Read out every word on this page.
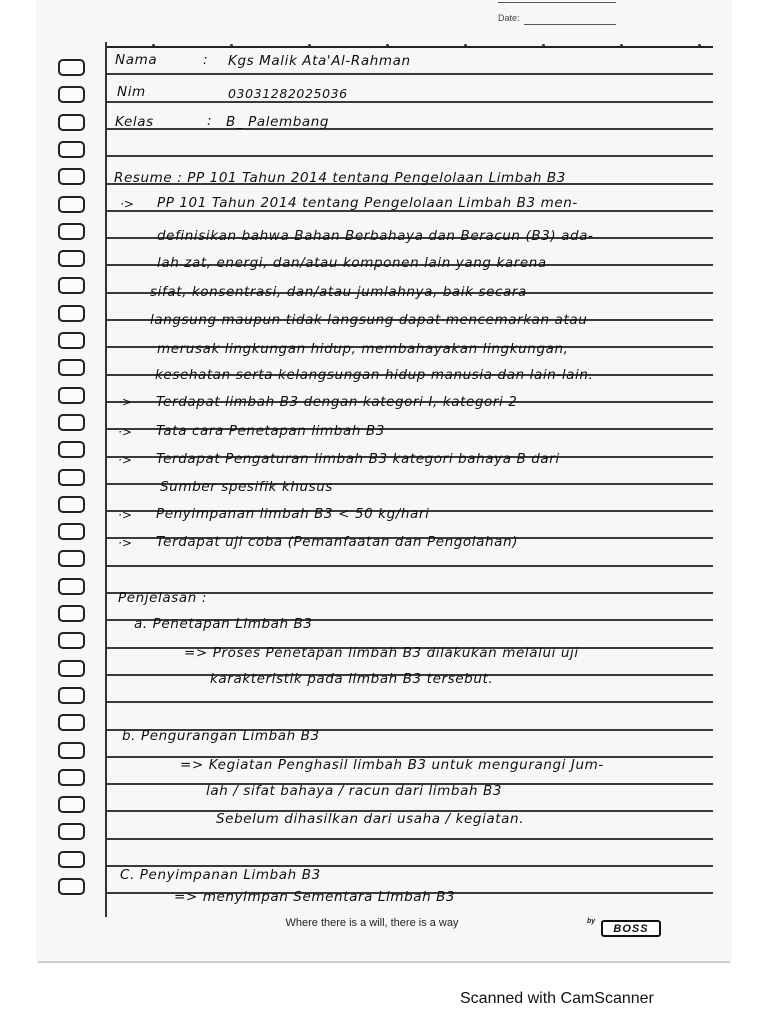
Date:
Nama	: Kgs Malik Ata'Al-Rahman
Nim	03031282025036
Kelas	: B_ Palembang
Resume : PP 101 Tahun 2014 tentang Pengelolaan Limbah B3
·> PP 101 Tahun 2014 tentang Pengelolaan Limbah B3 men-
definisikan bahwa Bahan Berbahaya dan Beracun (B3) ada-
lah zat, energi, dan/atau komponen lain yang karena
sifat, konsentrasi, dan/atau jumlahnya, baik secara
langsung maupun tidak langsung dapat mencemarkan atau
merusak lingkungan hidup, membahayakan lingkungan,
kesehatan serta kelangsungan hidup manusia dan lain-lain.
·> Terdapat limbah B3 dengan kategori I, kategori 2
·> Tata cara Penetapan limbah B3
·> Terdapat Pengaturan limbah B3 kategori bahaya B dari
Sumber spesifik khusus
·> Penyimpanan limbah B3 < 50 kg/hari
·> Terdapat uji coba (Pemanfaatan dan Pengolahan)
Penjelasan :
a. Penetapan Limbah B3
=> Proses Penetapan limbah B3 dilakukan melalui uji
karakteristik pada limbah B3 tersebut.
b. Pengurangan Limbah B3
=> Kegiatan Penghasil limbah B3 untuk mengurangi Jum-
lah / sifat bahaya / racun dari limbah B3
Sebelum dihasilkan dari usaha / kegiatan.
C. Penyimpanan Limbah B3
=> menyimpan Sementara Limbah B3
Where there is a will, there is a way	by
BOSS
Scanned with CamScanner
